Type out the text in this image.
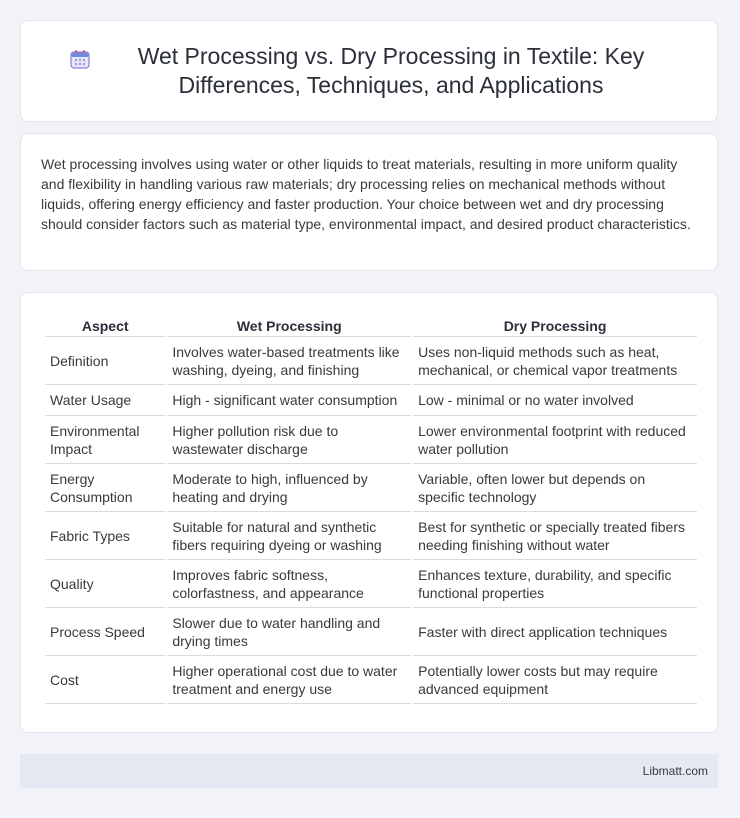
Wet Processing vs. Dry Processing in Textile: Key Differences, Techniques, and Applications

Wet processing involves using water or other liquids to treat materials, resulting in more uniform quality and flexibility in handling various raw materials; dry processing relies on mechanical methods without liquids, offering energy efficiency and faster production. Your choice between wet and dry processing should consider factors such as material type, environmental impact, and desired product characteristics.

Aspect	Wet Processing	Dry Processing
Definition	Involves water-based treatments like washing, dyeing, and finishing	Uses non-liquid methods such as heat, mechanical, or chemical vapor treatments
Water Usage	High - significant water consumption	Low - minimal or no water involved
Environmental Impact	Higher pollution risk due to wastewater discharge	Lower environmental footprint with reduced water pollution
Energy Consumption	Moderate to high, influenced by heating and drying	Variable, often lower but depends on specific technology
Fabric Types	Suitable for natural and synthetic fibers requiring dyeing or washing	Best for synthetic or specially treated fibers needing finishing without water
Quality	Improves fabric softness, colorfastness, and appearance	Enhances texture, durability, and specific functional properties
Process Speed	Slower due to water handling and drying times	Faster with direct application techniques
Cost	Higher operational cost due to water treatment and energy use	Potentially lower costs but may require advanced equipment
Libmatt.com
